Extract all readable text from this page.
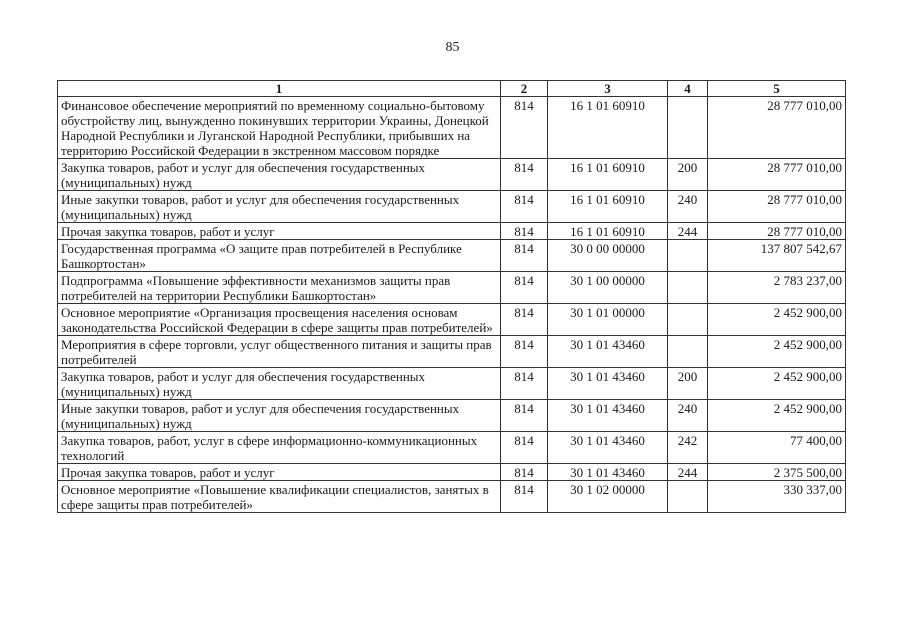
85
1	2	3	4	5
Финансовое обеспечение мероприятий по временному социально-бытовому обустройству лиц, вынужденно покинувших территории Украины, Донецкой Народной Республики и Луганской Народной Республики, прибывших на территорию Российской Федерации в экстренном массовом порядке	814	16 1 01 60910		28 777 010,00
Закупка товаров, работ и услуг для обеспечения государственных (муниципальных) нужд	814	16 1 01 60910	200	28 777 010,00
Иные закупки товаров, работ и услуг для обеспечения государственных (муниципальных) нужд	814	16 1 01 60910	240	28 777 010,00
Прочая закупка товаров, работ и услуг	814	16 1 01 60910	244	28 777 010,00
Государственная программа «О защите прав потребителей в Республике Башкортостан»	814	30 0 00 00000		137 807 542,67
Подпрограмма «Повышение эффективности механизмов защиты прав потребителей на территории Республики Башкортостан»	814	30 1 00 00000		2 783 237,00
Основное мероприятие «Организация просвещения населения основам законодательства Российской Федерации в сфере защиты прав потребителей»	814	30 1 01 00000		2 452 900,00
Мероприятия в сфере торговли, услуг общественного питания и защиты прав потребителей	814	30 1 01 43460		2 452 900,00
Закупка товаров, работ и услуг для обеспечения государственных (муниципальных) нужд	814	30 1 01 43460	200	2 452 900,00
Иные закупки товаров, работ и услуг для обеспечения государственных (муниципальных) нужд	814	30 1 01 43460	240	2 452 900,00
Закупка товаров, работ, услуг в сфере информационно-коммуникационных технологий	814	30 1 01 43460	242	77 400,00
Прочая закупка товаров, работ и услуг	814	30 1 01 43460	244	2 375 500,00
Основное мероприятие «Повышение квалификации специалистов, занятых в сфере защиты прав потребителей»	814	30 1 02 00000		330 337,00
